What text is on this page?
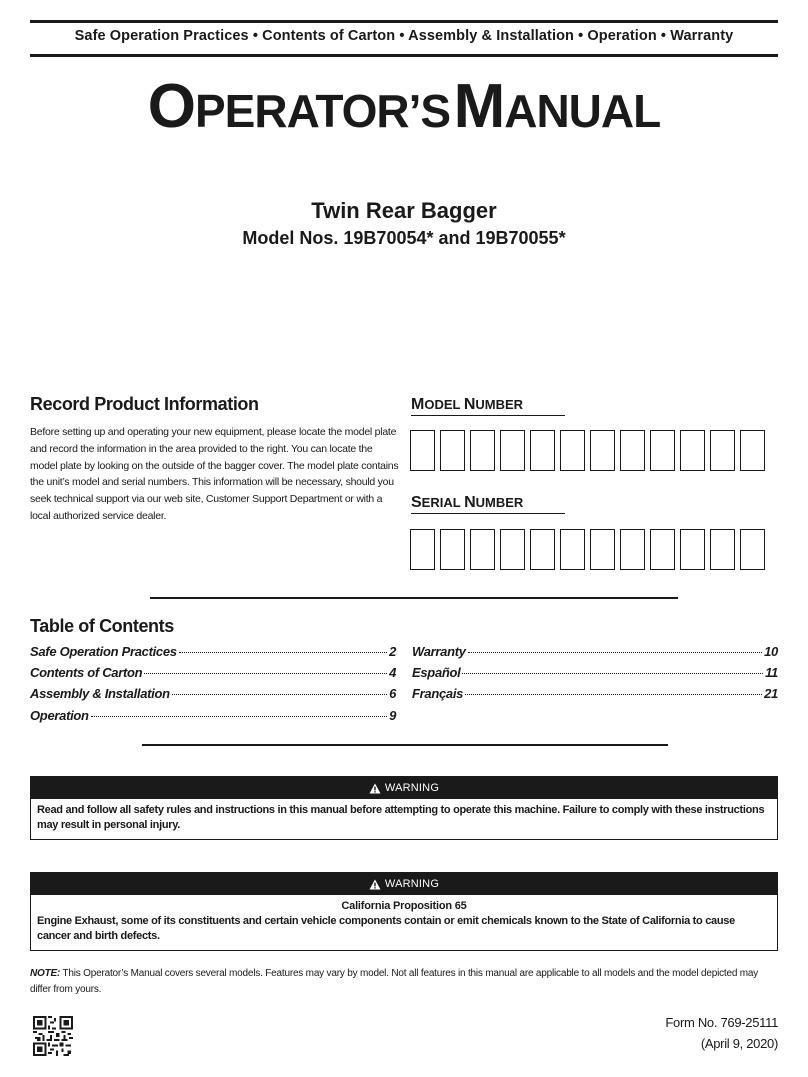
Safe Operation Practices • Contents of Carton • Assembly & Installation • Operation • Warranty
OPERATOR’S MANUAL
Twin Rear Bagger
Model Nos. 19B70054* and 19B70055*
Record Product Information
Before setting up and operating your new equipment, please locate the model plate and record the information in the area provided to the right. You can locate the model plate by looking on the outside of the bagger cover. The model plate contains the unit’s model and serial numbers. This information will be necessary, should you seek technical support via our web site, Customer Support Department or with a local authorized service dealer.
MODEL NUMBER
SERIAL NUMBER
Table of Contents
Safe Operation Practices	2
Contents of Carton	4
Assembly & Installation	6
Operation	9
Warranty	10
Español	11
Français	21
WARNING
Read and follow all safety rules and instructions in this manual before attempting to operate this machine. Failure to comply with these instructions may result in personal injury.
WARNING
California Proposition 65
Engine Exhaust, some of its constituents and certain vehicle components contain or emit chemicals known to the State of California to cause cancer and birth defects.
NOTE: This Operator’s Manual covers several models. Features may vary by model. Not all features in this manual are applicable to all models and the model depicted may differ from yours.
Form No. 769-25111
(April 9, 2020)
